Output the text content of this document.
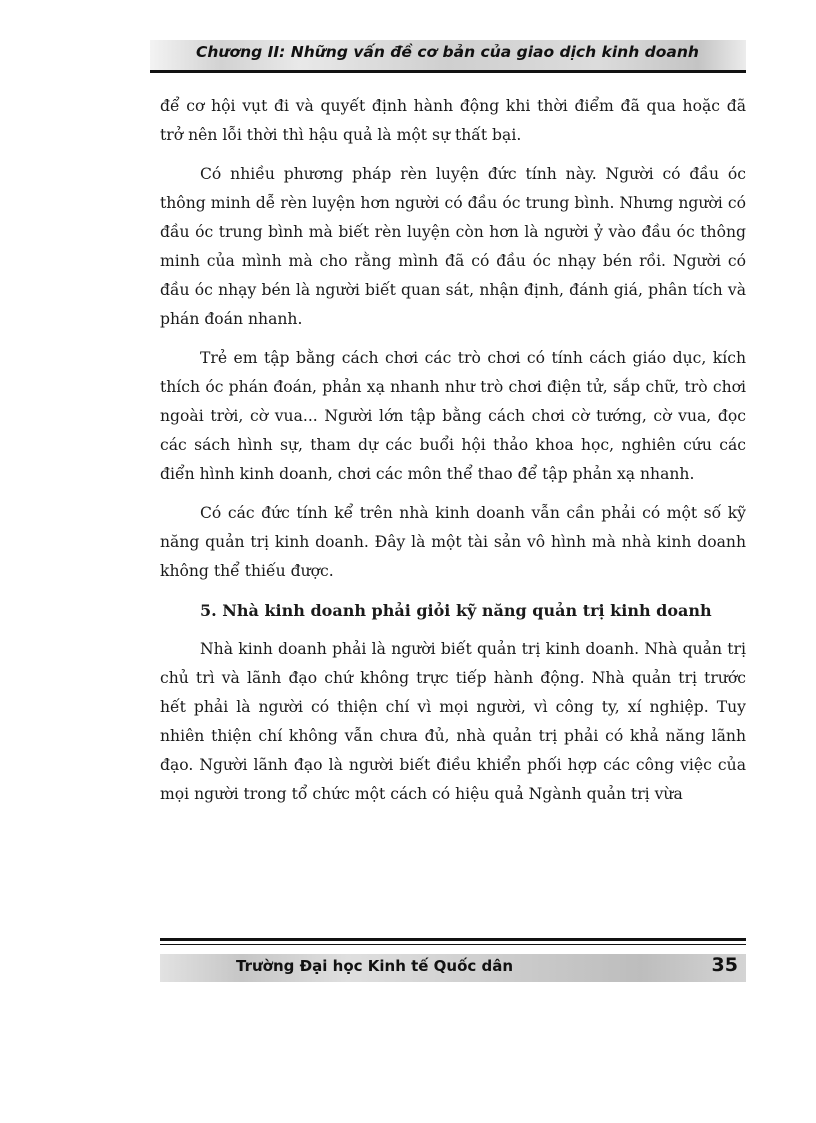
Chương II: Những vấn đề cơ bản của giao dịch kinh doanh

để cơ hội vụt đi và quyết định hành động khi thời điểm đã qua hoặc đã trở nên lỗi thời thì hậu quả là một sự thất bại.

Có nhiều phương pháp rèn luyện đức tính này. Người có đầu óc thông minh dễ rèn luyện hơn người có đầu óc trung bình. Nhưng người có đầu óc trung bình mà biết rèn luyện còn hơn là người ỷ vào đầu óc thông minh của mình mà cho rằng mình đã có đầu óc nhạy bén rồi. Người có đầu óc nhạy bén là người biết quan sát, nhận định, đánh giá, phân tích và phán đoán nhanh.

Trẻ em tập bằng cách chơi các trò chơi có tính cách giáo dục, kích thích óc phán đoán, phản xạ nhanh như trò chơi điện tử, sắp chữ, trò chơi ngoài trời, cờ vua... Người lớn tập bằng cách chơi cờ tướng, cờ vua, đọc các sách hình sự, tham dự các buổi hội thảo khoa học, nghiên cứu các điển hình kinh doanh, chơi các môn thể thao để tập phản xạ nhanh.

Có các đức tính kể trên nhà kinh doanh vẫn cần phải có một số kỹ năng quản trị kinh doanh. Đây là một tài sản vô hình mà nhà kinh doanh không thể thiếu được.

5. Nhà kinh doanh phải giỏi kỹ năng quản trị kinh doanh

Nhà kinh doanh phải là người biết quản trị kinh doanh. Nhà quản trị chủ trì và lãnh đạo chứ không trực tiếp hành động. Nhà quản trị trước hết phải là người có thiện chí vì mọi người, vì công ty, xí nghiệp. Tuy nhiên thiện chí không vẫn chưa đủ, nhà quản trị phải có khả năng lãnh đạo. Người lãnh đạo là người biết điều khiển phối hợp các công việc của mọi người trong tổ chức một cách có hiệu quả Ngành quản trị vừa

Trường Đại học Kinh tế Quốc dân	35
